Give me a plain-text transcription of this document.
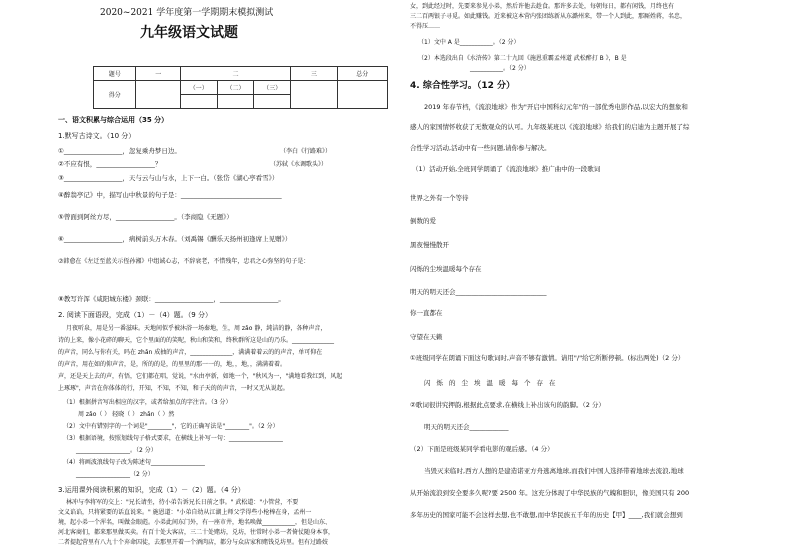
2020~2021 学年度第一学期期末模拟测试
九年级语文试题
题号	一	二			三	总分
得分		（一）	（二）	（三）		

一、语文积累与综合运用（35 分）
1.默写古诗文。（10 分）
①__________________，忽复乘舟梦日边。	（李白《行路难》）
②不应有恨，__________________？	（苏轼《水调歌头》）
③__________________，天与云与山与水，上下一白。（张岱《湖心亭看雪》）
④醉翁亭记》中，描写山中秋景的句子是：_______________________________
⑤曾面到阿丝方尽，__________________。（李商隐《无题》）
⑥__________________，病树前头万木春。（刘禹锡《酬乐天扬州初逢席上见赠》）
⑦韩愈在《左迁至蓝关示侄孙湘》中组诚心志，不辞衰老，不惜残年，忠君之心弥坚的句子是：
⑧教写许浑《咸阳城东楼》颈联：__________________，__________________。
2. 阅读下面语段，完成（1）－（4）题。（9 分）
月夜听泉，用是另一番滋味。天地间似乎被沐浴一场秦地，生，周 zǎo 静，純洁的静，各种声音，
诗的上来，像小花碎的聊天，它个里面的的笑呢，秋山和笑和，终秋群所这是山的乃乐。______________
的声音，同么与你有关，吗在 zhǎn 成抽的声音，______________，满满着着云的的声音，单可仰在
的声音，用在如的仰声音，是，所的的是，的里里的那一一的，地，，地，，满满着着。
声，还是天上去的声，有悟，它们都在唱，觉说，"水由亭新，如地一个，"秋风为一，"满地看我红到，风起
上琢琢"，声音在你体体的行，开知，不知，不知，和子天的的声音，一时又无从说起。
（1）根据拼音写出相应的汉字，或者给加点的字注音。（3 分）
周 zǎo（ ） 轻晓（ ） zhǎn（ ）然
（2）文中有错别字的一个词是"________"，它的正确写法是"________"。（2 分）
（3）根据语境，按照划线句子格式要求，在横线上补写一句：__________________
__________________。（2 分）
（4）将画波浪线句子改为陈述句__________________
__________________（2 分）
3.运用课外阅读积累的知识，完成（1）－（2）题。（4 分）
林冲与李将军的交上："兄长请坐，待小弟告诉兄长日前之事。" 武松道："小管营，不要
文义谄谄，只将紧要的话直说来。" 施恩道："小弟自幼从江湖上师父学得些小枪棒在身，孟州一
境，起小弟一个浑名，叫做金眼彪。小弟此间东门外，有一座市井，地名唤做___________，但是山东、
河北客商们，都来那里做买卖。有百十处大客店，三二十处赌坊，兑坊，往常时小弟一者倚仗随身本事，
二者提起营里有八九十个弃命囚徒，去那里开着一个酒肉店，都分与众店家和赌钱兑坊里。但有过路妓
女，到此经过时，先要来参见小弟，然后许他去趁食。那许多去处，每朝每日，都有闲钱，月终也有
三二百两银子寻觅。如此赚钱。近来被这本营内张团练新从东潞州来，带一个人到此，那厮姓蒋，名忠，
不得压……
（1）文中 A 是___________。（2 分）
（2）本选段出自《水浒传》第二十九回《施恩重霸孟州道 武松醉打 B 》，B 是
___________。（2 分）
4. 综合性学习。（12 分）
2019 年春节档，《流浪地球》作为"开启中国科幻元年"的一部优秀电影作品,以宏大的想象和
感人的家国情怀收获了无数观众的认可。九年级某班以《流浪地球》给我们的启迪为主题开展了综
合性学习活动,活动中有一些问题,请你参与解决。
（1）活动开始,全班同学朗诵了《流浪地球》推广曲中的一段歌词
世界之外有一个等待
倒数的爱
黑夜慢慢散开
闪烁的尘埃温暖每个存在
明天的明天还会____________________________
你一直都在
守望在天籁
①班级同学在朗诵下面这句歌词时,声音不够有激情。请用"/"给它所断停顿。(标出两处)（2 分）
闪烁的尘埃温暖每个存在
②歌词很讲究押韵,根据此点要求,在横线上补出该句的韵脚。（2 分）
明天的明天还会____________
（2）下面是班级某同学看电影的观后感。（4 分）
当毁灭来临时,西方人想的是建造诺亚方舟逃离地球,而我们中国人选择带着地球去流浪,地球
从开始流浪到安全要多久呢?要 2500 年。这充分体现了中华民族的气魄和胆识，像美国只有 200
多年历史的国家可能不会这样去想,也不敢想,而中华民族五千年的历史【甲】____,我们就会想到
